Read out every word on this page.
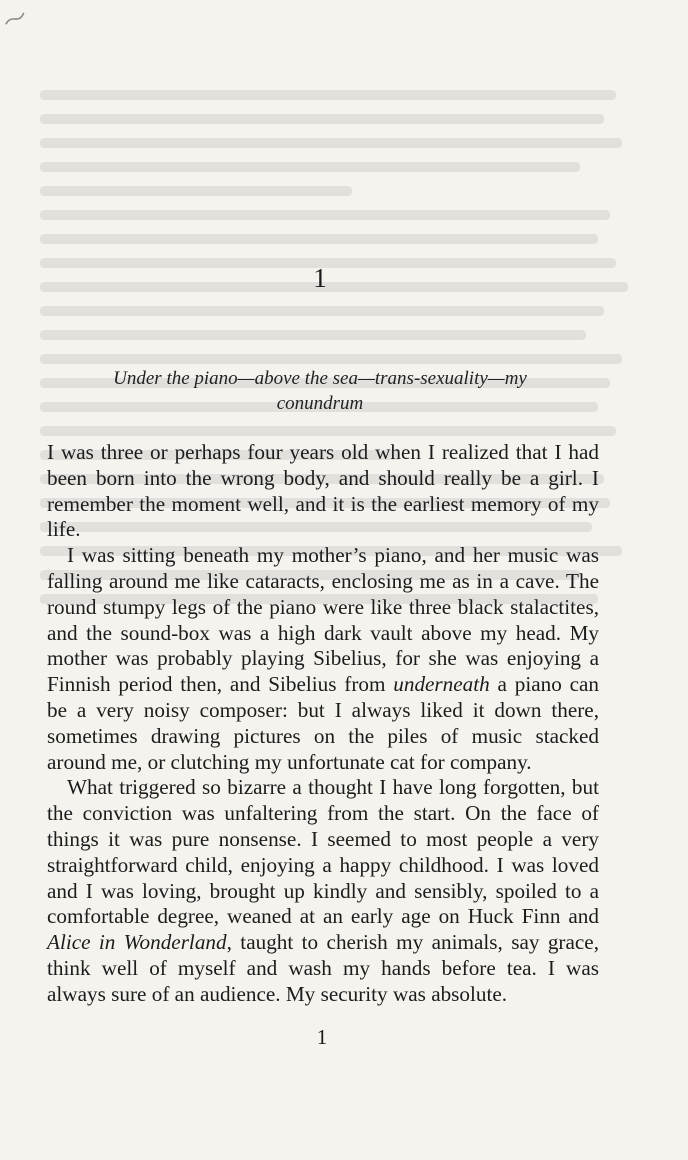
1
Under the piano—above the sea—trans-sexuality—my conundrum

I was three or perhaps four years old when I realized that I had been born into the wrong body, and should really be a girl. I remember the moment well, and it is the earliest memory of my life.

I was sitting beneath my mother’s piano, and her music was falling around me like cataracts, enclosing me as in a cave. The round stumpy legs of the piano were like three black stalactites, and the sound-box was a high dark vault above my head. My mother was probably playing Sibelius, for she was enjoying a Finnish period then, and Sibelius from underneath a piano can be a very noisy composer: but I always liked it down there, sometimes drawing pictures on the piles of music stacked around me, or clutching my unfortunate cat for company.

What triggered so bizarre a thought I have long forgotten, but the conviction was unfaltering from the start. On the face of things it was pure nonsense. I seemed to most people a very straightforward child, enjoying a happy childhood. I was loved and I was loving, brought up kindly and sensibly, spoiled to a comfortable degree, weaned at an early age on Huck Finn and Alice in Wonderland, taught to cherish my animals, say grace, think well of myself and wash my hands before tea. I was always sure of an audience. My security was absolute.

1
